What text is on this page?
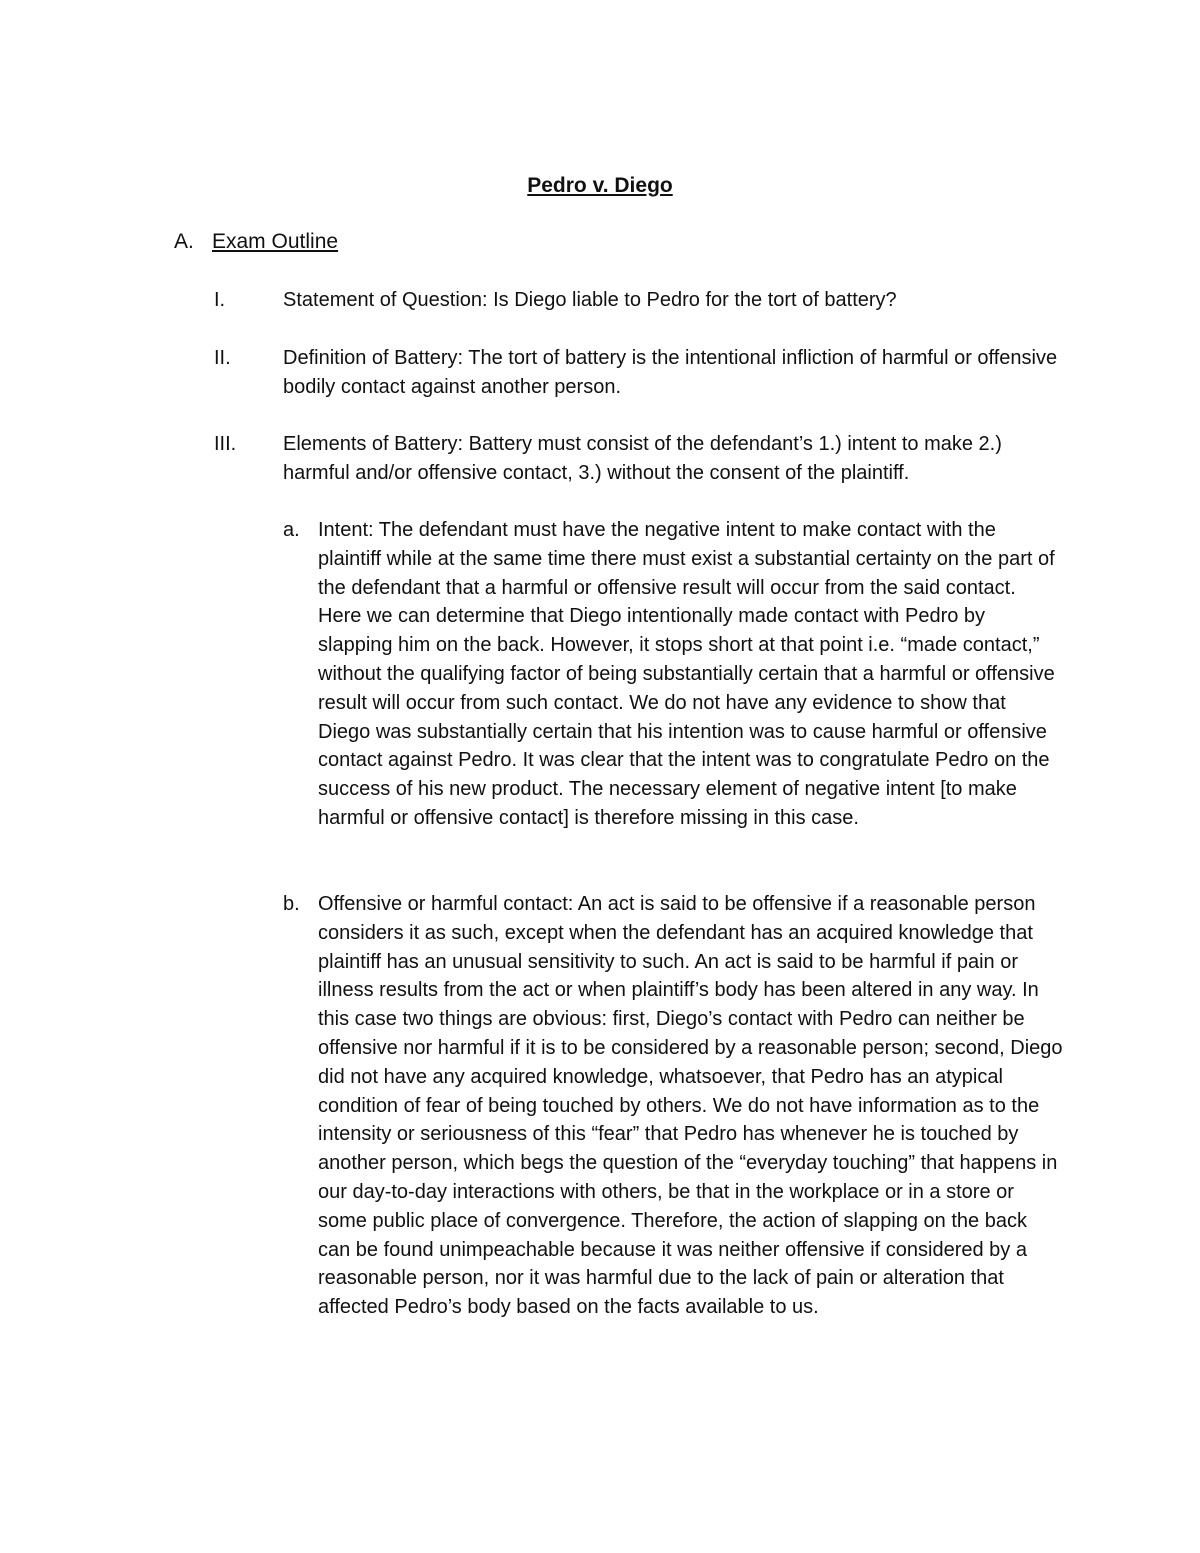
Pedro v. Diego
A. Exam Outline
I.	Statement of Question: Is Diego liable to Pedro for the tort of battery?
II.	Definition of Battery: The tort of battery is the intentional infliction of harmful or offensive bodily contact against another person.
III. Elements of Battery: Battery must consist of the defendant’s 1.) intent to make 2.) harmful and/or offensive contact, 3.) without the consent of the plaintiff.
a. Intent: The defendant must have the negative intent to make contact with the plaintiff while at the same time there must exist a substantial certainty on the part of the defendant that a harmful or offensive result will occur from the said contact. Here we can determine that Diego intentionally made contact with Pedro by slapping him on the back. However, it stops short at that point i.e. “made contact,” without the qualifying factor of being substantially certain that a harmful or offensive result will occur from such contact. We do not have any evidence to show that Diego was substantially certain that his intention was to cause harmful or offensive contact against Pedro. It was clear that the intent was to congratulate Pedro on the success of his new product. The necessary element of negative intent [to make harmful or offensive contact] is therefore missing in this case.
b. Offensive or harmful contact: An act is said to be offensive if a reasonable person considers it as such, except when the defendant has an acquired knowledge that plaintiff has an unusual sensitivity to such. An act is said to be harmful if pain or illness results from the act or when plaintiff’s body has been altered in any way. In this case two things are obvious: first, Diego’s contact with Pedro can neither be offensive nor harmful if it is to be considered by a reasonable person; second, Diego did not have any acquired knowledge, whatsoever, that Pedro has an atypical condition of fear of being touched by others. We do not have information as to the intensity or seriousness of this “fear” that Pedro has whenever he is touched by another person, which begs the question of the “everyday touching” that happens in our day-to-day interactions with others, be that in the workplace or in a store or some public place of convergence. Therefore, the action of slapping on the back can be found unimpeachable because it was neither offensive if considered by a reasonable person, nor it was harmful due to the lack of pain or alteration that affected Pedro’s body based on the facts available to us.
